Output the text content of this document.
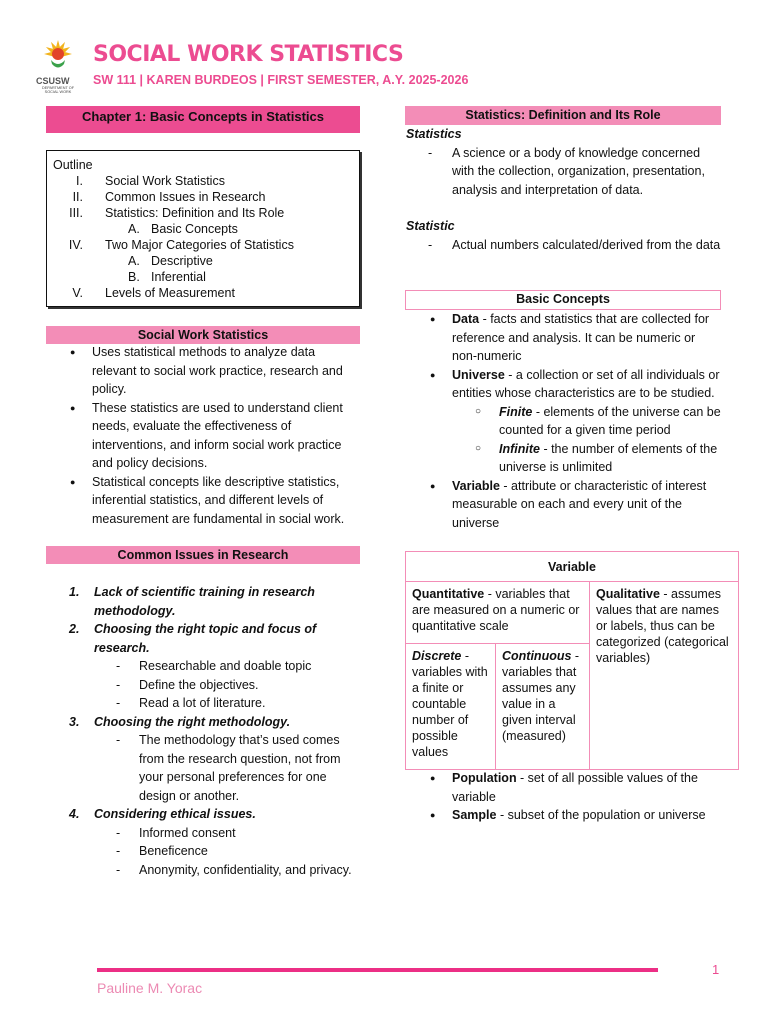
CSUSW
DEPARTMENT OF SOCIAL WORK
SOCIAL WORK STATISTICS
SW 111 | KAREN BURDEOS | FIRST SEMESTER, A.Y. 2025-2026
Chapter 1: Basic Concepts in Statistics
Outline
I.	Social Work Statistics
II.	Common Issues in Research
III.	Statistics: Definition and Its Role
A. Basic Concepts
IV.	Two Major Categories of Statistics
A. Descriptive
B. Inferential
V.	Levels of Measurement
Social Work Statistics
● Uses statistical methods to analyze data relevant to social work practice, research and policy.
● These statistics are used to understand client needs, evaluate the effectiveness of interventions, and inform social work practice and policy decisions.
● Statistical concepts like descriptive statistics, inferential statistics, and different levels of measurement are fundamental in social work.
Common Issues in Research
1. Lack of scientific training in research methodology.
2. Choosing the right topic and focus of research.
- Researchable and doable topic
- Define the objectives.
- Read a lot of literature.
3. Choosing the right methodology.
- The methodology that’s used comes from the research question, not from your personal preferences for one design or another.
4. Considering ethical issues.
- Informed consent
- Beneficence
- Anonymity, confidentiality, and privacy.
Statistics: Definition and Its Role
Statistics
- A science or a body of knowledge concerned with the collection, organization, presentation, analysis and interpretation of data.
Statistic
- Actual numbers calculated/derived from the data
Basic Concepts
● Data - facts and statistics that are collected for reference and analysis. It can be numeric or non-numeric
● Universe - a collection or set of all individuals or entities whose characteristics are to be studied.
○ Finite - elements of the universe can be counted for a given time period
○ Infinite - the number of elements of the universe is unlimited
● Variable - attribute or characteristic of interest measurable on each and every unit of the universe
Variable
Quantitative - variables that are measured on a numeric or quantitative scale
Qualitative - assumes values that are names or labels, thus can be categorized (categorical variables)
Discrete - variables with a finite or countable number of possible values
Continuous - variables that assumes any value in a given interval (measured)
● Population - set of all possible values of the variable
● Sample - subset of the population or universe
1
Pauline M. Yorac
